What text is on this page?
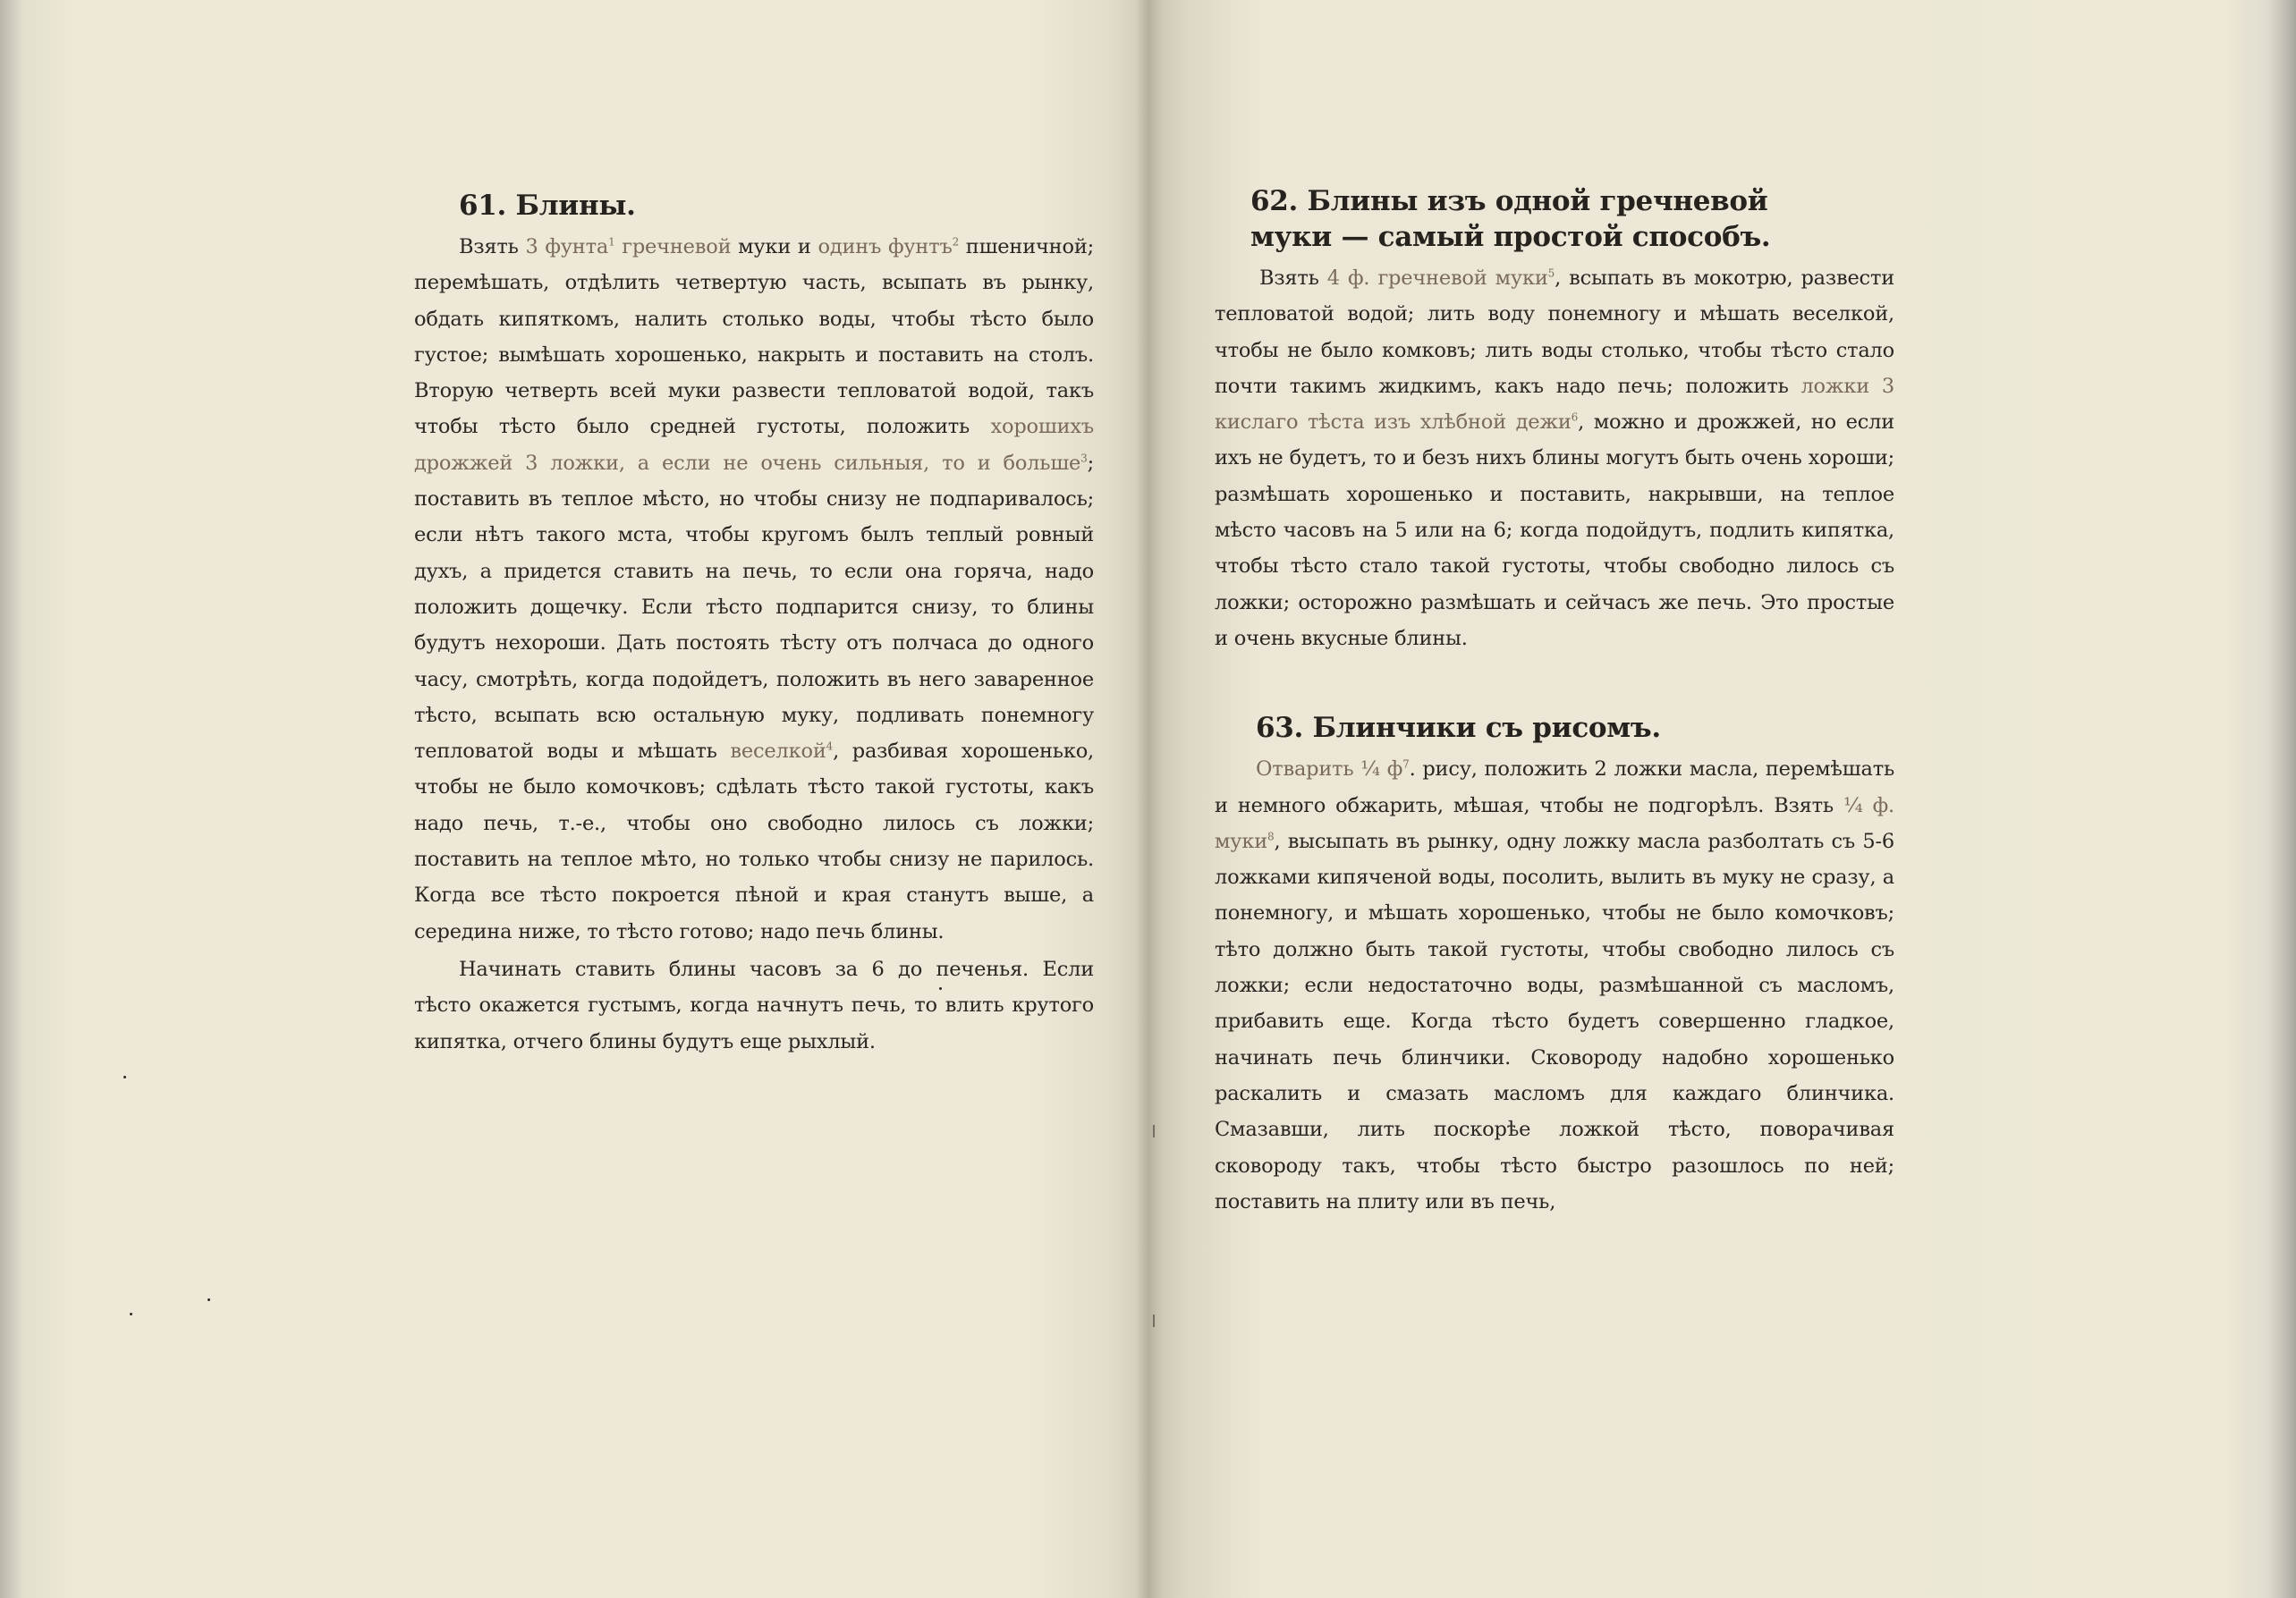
61. Блины.

Взять 3 фунта$^1$ гречневой муки и одинъ фунтъ$^2$ пшеничной; перемѣшать, отдѣлить четвертую часть, всыпать въ рынку, обдать кипяткомъ, налить столько воды, чтобы тѣсто было густое; вымѣшать хорошенько, накрыть и поставить на столъ. Вторую четверть всей муки развести тепловатой водой, такъ чтобы тѣсто было средней густоты, положить хорошихъ дрожжей 3 ложки, а если не очень сильныя, то и больше$^3$; поставить въ теплое мѣсто, но чтобы снизу не подпаривалось; если нѣтъ такого мста, чтобы кругомъ былъ теплый ровный духъ, а придется ставить на печь, то если она горяча, надо положить дощечку. Если тѣсто подпарится снизу, то блины будутъ нехороши. Дать постоять тѣсту отъ полчаса до одного часу, смотрѣть, когда подойдетъ, положить въ него заваренное тѣсто, всыпать всю остальную муку, подливать понемногу тепловатой воды и мѣшать веселкой$^4$, разбивая хорошенько, чтобы не было комочковъ; сдѣлать тѣсто такой густоты, какъ надо печь, т.-е., чтобы оно свободно лилось съ ложки; поставить на теплое мѣто, но только чтобы снизу не парилось. Когда все тѣсто покроется пѣной и края станутъ выше, а середина ниже, то тѣсто готово; надо печь блины.

Начинать ставить блины часовъ за 6 до печенья. Если тѣсто окажется густымъ, когда начнутъ печь, то влить крутого кипятка, отчего блины будутъ еще рыхлый.

62. Блины изъ одной гречневой
муки — самый простой способъ.

Взять 4 ф. гречневой муки$^5$, всыпать въ мокотрю, развести тепловатой водой; лить воду понемногу и мѣшать веселкой, чтобы не было комковъ; лить воды столько, чтобы тѣсто стало почти такимъ жидкимъ, какъ надо печь; положить ложки 3 кислаго тѣста изъ хлѣбной дежи$^6$, можно и дрожжей, но если ихъ не будетъ, то и безъ нихъ блины могутъ быть очень хороши; размѣшать хорошенько и поставить, накрывши, на теплое мѣсто часовъ на 5 или на 6; когда подойдутъ, подлить кипятка, чтобы тѣсто стало такой густоты, чтобы свободно лилось съ ложки; осторожно размѣшать и сейчасъ же печь. Это простые и очень вкусные блины.

63. Блинчики съ рисомъ.

Отварить ¼ ф$^7$. рису, положить 2 ложки масла, перемѣшать и немного обжарить, мѣшая, чтобы не подгорѣлъ. Взять ¼ ф. муки$^8$, высыпать въ рынку, одну ложку масла разболтать съ 5-6 ложками кипяченой воды, посолить, вылить въ муку не сразу, а понемногу, и мѣшать хорошенько, чтобы не было комочковъ; тѣто должно быть такой густоты, чтобы свободно лилось съ ложки; если недостаточно воды, размѣшанной съ масломъ, прибавить еще. Когда тѣсто будетъ совершенно гладкое, начинать печь блинчики. Сковороду надобно хорошенько раскалить и смазать масломъ для каждаго блинчика. Смазавши, лить поскорѣе ложкой тѣсто, поворачивая сковороду такъ, чтобы тѣсто быстро разошлось по ней; поставить на плиту или въ печь,
